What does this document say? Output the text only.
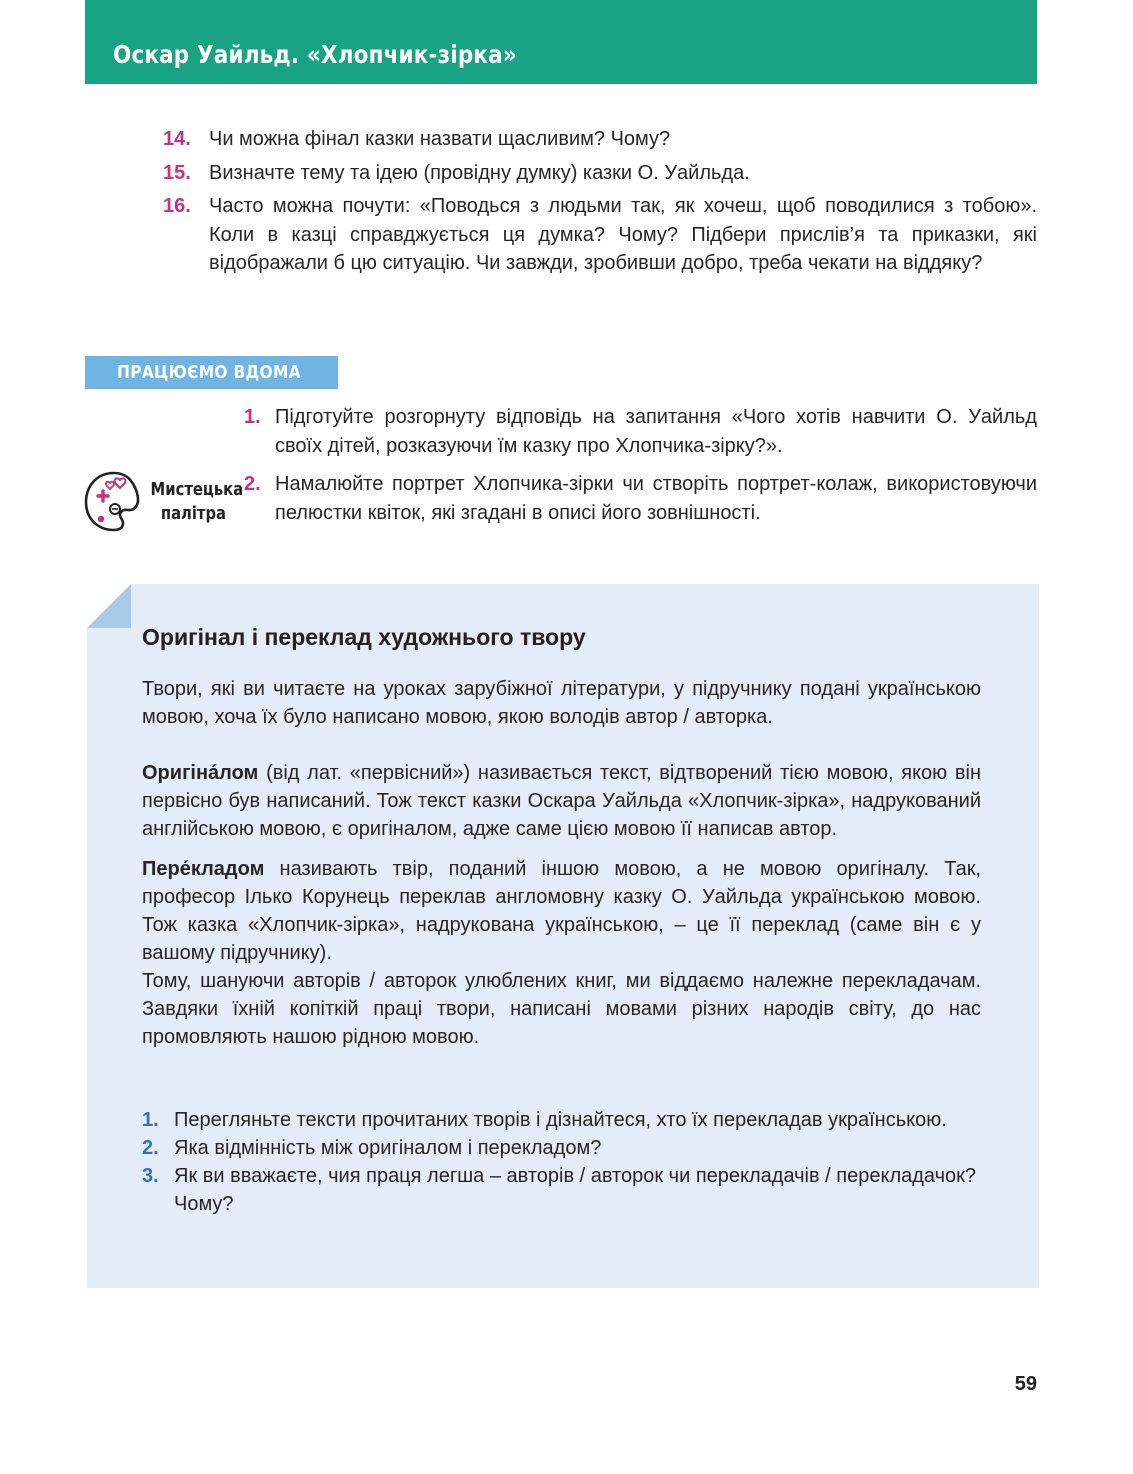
Оскар Уайльд. «Хлопчик-зірка»
14. Чи можна фінал казки назвати щасливим? Чому?
15. Визначте тему та ідею (провідну думку) казки О. Уайльда.
16. Часто можна почути: «Поводься з людьми так, як хочеш, щоб поводилися з тобою». Коли в казці справджується ця думка? Чому? Підбери прислів’я та приказки, які відображали б цю ситуацію. Чи завжди, зробивши добро, треба чекати на віддяку?
ПРАЦЮЄМО ВДОМА
Мистецька
палітра
1. Підготуйте розгорнуту відповідь на запитання «Чого хотів навчити О. Уайльд своїх дітей, розказуючи їм казку про Хлопчика-зірку?».
2. Намалюйте портрет Хлопчика-зірки чи створіть портрет-колаж, використовуючи пелюстки квіток, які згадані в описі його зовнішності.
Оригінал і переклад художнього твору

Твори, які ви читаєте на уроках зарубіжної літератури, у підручнику подані українською мовою, хоча їх було написано мовою, якою володів автор / авторка.

Оригіна́лом (від лат. «первісний») називається текст, відтворений тією мовою, якою він первісно був написаний. Тож текст казки Оскара Уайльда «Хлопчик-зірка», надрукований англійською мовою, є оригіналом, адже саме цією мовою її написав автор.

Пере́кладом називають твір, поданий іншою мовою, а не мовою оригіналу. Так, професор Ілько Корунець переклав англомовну казку О. Уайльда українською мовою. Тож казка «Хлопчик-зірка», надрукована українською, – це її переклад (саме він є у вашому підручнику).

Тому, шануючи авторів / авторок улюблених книг, ми віддаємо належне перекладачам. Завдяки їхній копіткій праці твори, написані мовами різних народів світу, до нас промовляють нашою рідною мовою.

1. Перегляньте тексти прочитаних творів і дізнайтеся, хто їх перекладав українською.
2. Яка відмінність між оригіналом і перекладом?
3. Як ви вважаєте, чия праця легша – авторів / авторок чи перекладачів / перекладачок? Чому?
59
